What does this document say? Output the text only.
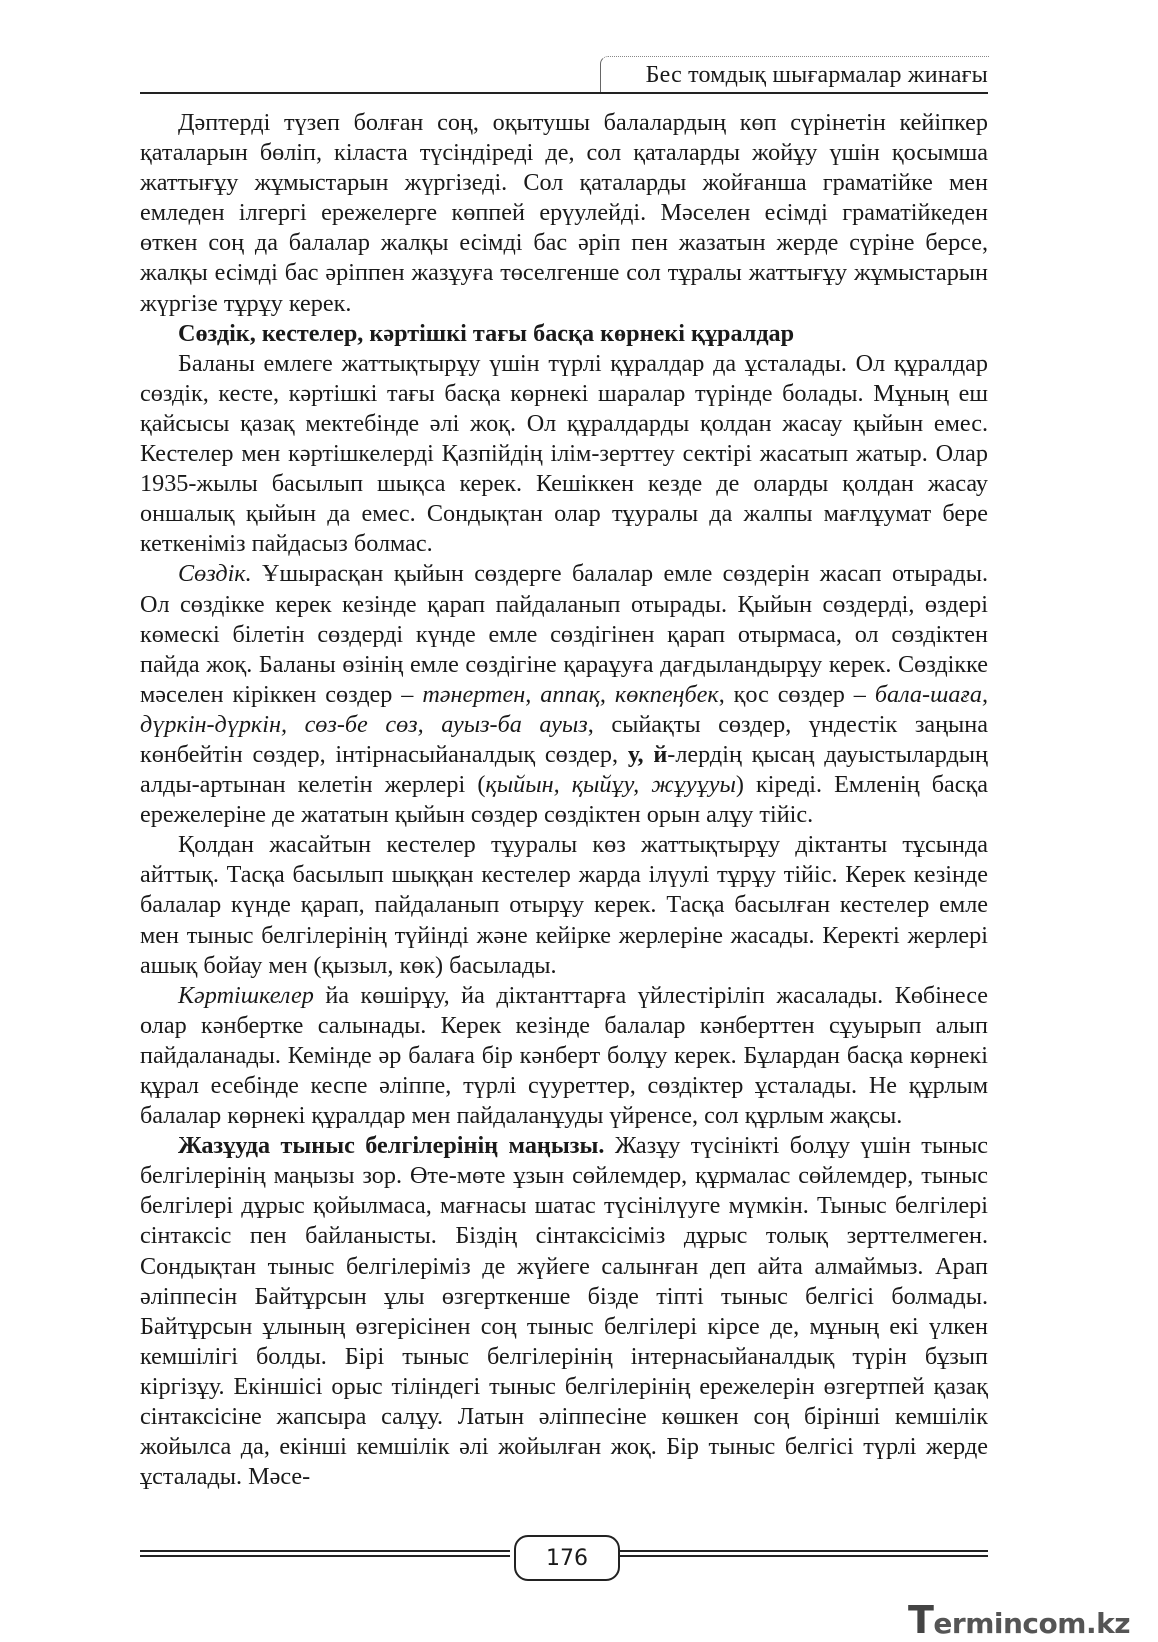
Бес томдық шығармалар жинағы

Дәптерді түзеп болған соң, оқытушы балалардың көп сүрінетін кейіпкер қаталарын бөліп, кіласта түсіндіреді де, сол қаталарды жойұу үшін қосымша жаттығұу жұмыстарын жүргізеді. Сол қаталарды жойғанша граматійке мен емледен ілгергі ережелерге көппей ерүулейді. Мәселен есімді граматійкеден өткен соң да балалар жалқы есімді бас әріп пен жазатын жерде сүріне берсе, жалқы есімді бас әріппен жазұуға төселгенше сол тұралы жаттығұу жұмыстарын жүргізе тұрұу керек.

Сөздік, кестелер, кәртішкі тағы басқа көрнекі құралдар

Баланы емлеге жаттықтырұу үшін түрлі құралдар да ұсталады. Ол құралдар сөздік, кесте, кәртішкі тағы басқа көрнекі шаралар түрінде болады. Мұның еш қайсысы қазақ мектебінде әлі жоқ. Ол құралдарды қолдан жасау қыйын емес. Кестелер мен кәртішкелерді Қазпійдің ілім-зерттеу сектірі жасатып жатыр. Олар 1935-жылы басылып шықса керек. Кешіккен кезде де оларды қолдан жасау оншалық қыйын да емес. Сондықтан олар тұуралы да жалпы мағлұумат бере кеткеніміз пайдасыз болмас.

Сөздік. Ұшырасқан қыйын сөздерге балалар емле сөздерін жасап отырады. Ол сөздікке керек кезінде қарап пайдаланып отырады. Қыйын сөздерді, өздері көмескі білетін сөздерді күнде емле сөздігінен қарап отырмаса, ол сөздіктен пайда жоқ. Баланы өзінің емле сөздігіне қараұуға дағдыландырұу керек. Сөздікке мәселен кіріккен сөздер – тәнертен, аппақ, көкпеңбек, қос сөздер – бала-шаға, дүркін-дүркін, сөз-бе сөз, ауыз-ба ауыз, сыйақты сөздер, үндестік заңына көнбейтін сөздер, інтірнасыйаналдық сөздер, у, й-лердің қысаң дауыстылардың алды-артынан келетін жерлері (қыйын, қыйұу, жұуұуы) кіреді. Емленің басқа ережелеріне де жататын қыйын сөздер сөздіктен орын алұу тійіс.

Қолдан жасайтын кестелер тұуралы көз жаттықтырұу діктанты тұсында айттық. Тасқа басылып шыққан кестелер жарда ілүулі тұрұу тійіс. Керек кезінде балалар күнде қарап, пайдаланып отырұу керек. Тасқа басылған кестелер емле мен тыныс белгілерінің түйінді және кейірке жерлеріне жасады. Керекті жерлері ашық бойау мен (қызыл, көк) басылады.

Кәртішкелер йа көшірұу, йа діктанттарға үйлестіріліп жасалады. Көбінесе олар кәнбертке салынады. Керек кезінде балалар кәнберттен сұуырып алып пайдаланады. Кемінде әр балаға бір кәнберт болұу керек. Бұлардан басқа көрнекі құрал есебінде кеспе әліппе, түрлі сүуреттер, сөздіктер ұсталады. Не құрлым балалар көрнекі құралдар мен пайдаланұуды үйренсе, сол құрлым жақсы.

Жазұуда тыныс белгілерінің маңызы. Жазұу түсінікті болұу үшін тыныс белгілерінің маңызы зор. Өте-мөте ұзын сөйлемдер, құрмалас сөйлемдер, тыныс белгілері дұрыс қойылмаса, мағнасы шатас түсінілүуге мүмкін. Тыныс белгілері сінтаксіс пен байланысты. Біздің сінтаксісіміз дұрыс толық зерттелмеген. Сондықтан тыныс белгілеріміз де жүйеге салынған деп айта алмаймыз. Арап әліппесін Байтұрсын ұлы өзгерткенше бізде тіпті тыныс белгісі болмады. Байтұрсын ұлының өзгерісінен соң тыныс белгілері кірсе де, мұның екі үлкен кемшілігі болды. Бірі тыныс белгілерінің інтернасыйаналдық түрін бұзып кіргізұу. Екіншісі орыс тіліндегі тыныс белгілерінің ережелерін өзгертпей қазақ сінтаксісіне жапсыра салұу. Латын әліппесіне көшкен соң бірінші кемшілік жойылса да, екінші кемшілік әлі жойылған жоқ. Бір тыныс белгісі түрлі жерде ұсталады. Мәсе-

176
Termincom.kz
